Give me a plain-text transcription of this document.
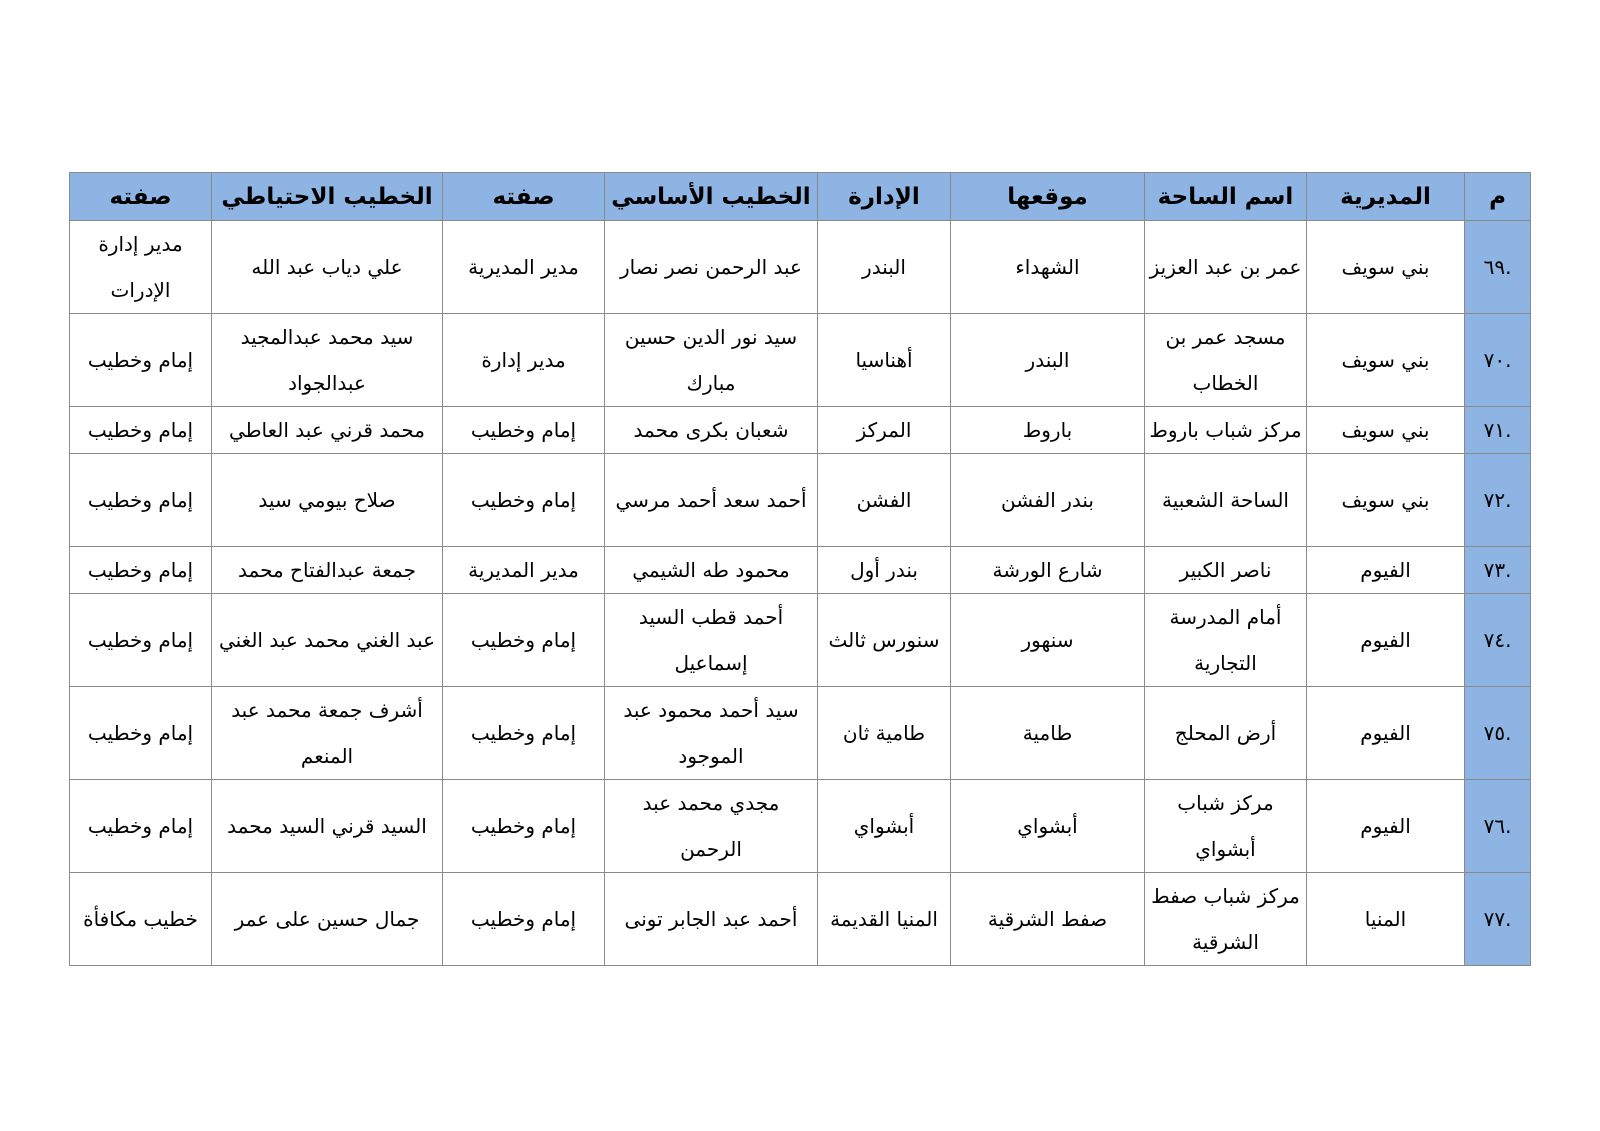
م	المديرية	اسم الساحة	موقعها	الإدارة	الخطيب الأساسي	صفته	الخطيب الاحتياطي	صفته
.٦٩	بني سويف	عمر بن عبد العزيز	الشهداء	البندر	عبد الرحمن نصر نصار	مدير المديرية	علي دياب عبد الله	مدير إدارة الإدرات
.٧٠	بني سويف	مسجد عمر بن الخطاب	البندر	أهناسيا	سيد نور الدين حسين مبارك	مدير إدارة	سيد محمد عبدالمجيد عبدالجواد	إمام وخطيب
.٧١	بني سويف	مركز شباب باروط	باروط	المركز	شعبان بكرى محمد	إمام وخطيب	محمد قرني عبد العاطي	إمام وخطيب
.٧٢	بني سويف	الساحة الشعبية	بندر الفشن	الفشن	أحمد سعد أحمد مرسي	إمام وخطيب	صلاح بيومي سيد	إمام وخطيب
.٧٣	الفيوم	ناصر الكبير	شارع الورشة	بندر أول	محمود طه الشيمي	مدير المديرية	جمعة عبدالفتاح محمد	إمام وخطيب
.٧٤	الفيوم	أمام المدرسة التجارية	سنهور	سنورس ثالث	أحمد قطب السيد إسماعيل	إمام وخطيب	عبد الغني محمد عبد الغني	إمام وخطيب
.٧٥	الفيوم	أرض المحلج	طامية	طامية ثان	سيد أحمد محمود عبد الموجود	إمام وخطيب	أشرف جمعة محمد عبد المنعم	إمام وخطيب
.٧٦	الفيوم	مركز شباب أبشواي	أبشواي	أبشواي	مجدي محمد عبد الرحمن	إمام وخطيب	السيد قرني السيد محمد	إمام وخطيب
.٧٧	المنيا	مركز شباب صفط الشرقية	صفط الشرقية	المنيا القديمة	أحمد عبد الجابر تونى	إمام وخطيب	جمال حسين على عمر	خطيب مكافأة
